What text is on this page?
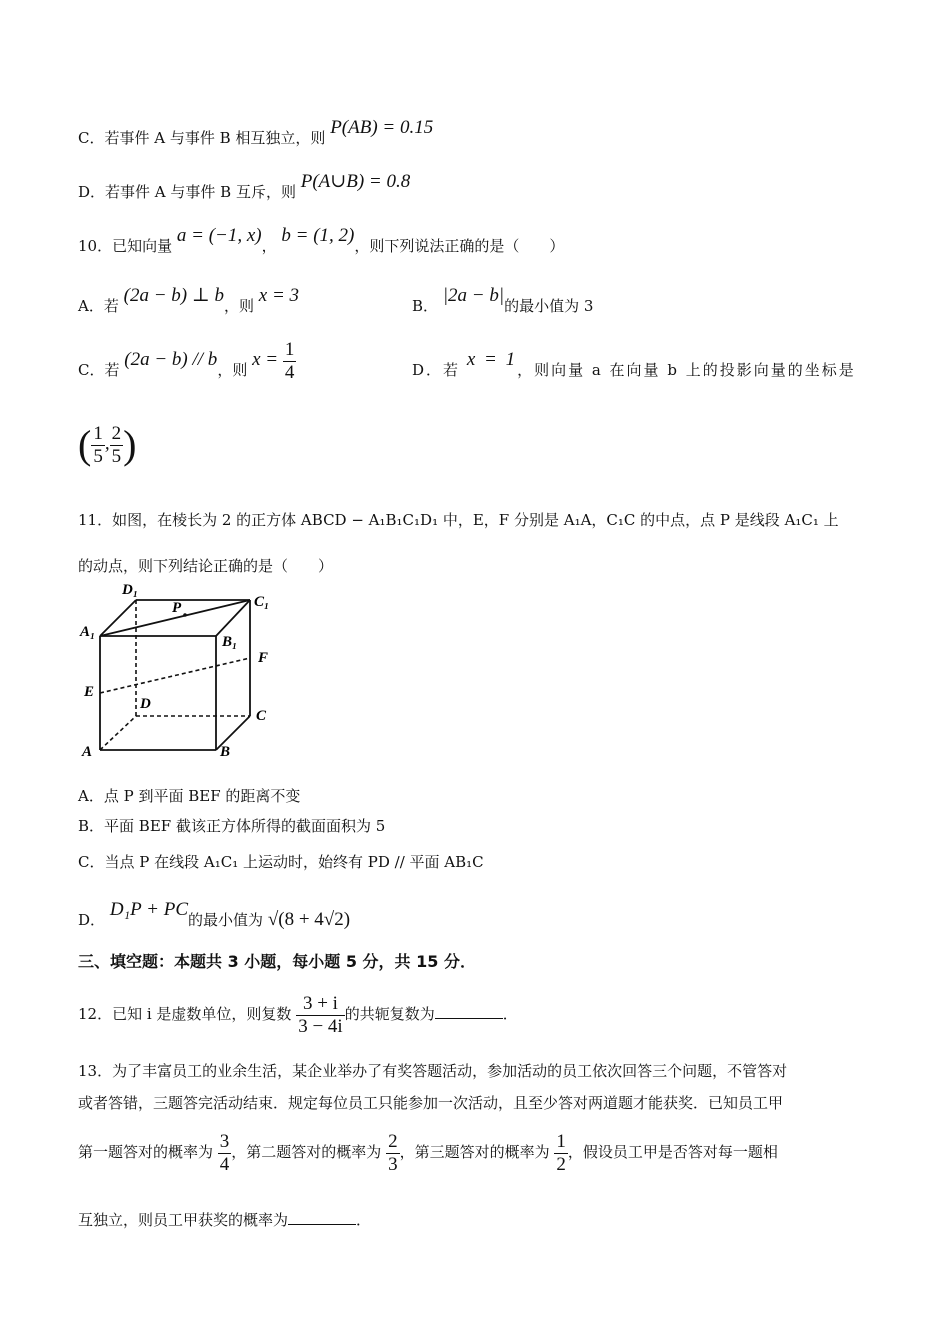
C．若事件 A 与事件 B 相互独立，则 P(AB) = 0.15
D．若事件 A 与事件 B 互斥，则 P(A∪B) = 0.8
10．已知向量 a = (−1, x)， b = (1, 2)，则下列说法正确的是（　　）
A．若 (2a − b) ⊥ b，则 x = 3	B． |2a − b|的最小值为 3
C．若 (2a − b) // b，则 $x = \frac{1}{4}$	D．若 x = 1，则向量 a 在向量 b 上的投影向量的坐标是
( $\frac{1}{5}$ , $\frac{2}{5}$ )
11．如图，在棱长为 2 的正方体 ABCD − A₁B₁C₁D₁ 中，E，F 分别是 A₁A，C₁C 的中点，点 P 是线段 A₁C₁ 上
的动点，则下列结论正确的是（　　）
D₁
P	C₁
A₁
B₁
F
E
D
C
A	B
A．点 P 到平面 BEF 的距离不变
B．平面 BEF 截该正方体所得的截面面积为 5
C．当点 P 在线段 A₁C₁ 上运动时，始终有 PD // 平面 AB₁C
D． D₁P + PC的最小值为 √(8 + 4√2)
三、填空题：本题共 3 小题，每小题 5 分，共 15 分．
12．已知 i 是虚数单位，则复数 $\frac{3 + i}{3 - 4i}$ 的共轭复数为	．
13．为了丰富员工的业余生活，某企业举办了有奖答题活动，参加活动的员工依次回答三个问题，不管答对
或者答错，三题答完活动结束．规定每位员工只能参加一次活动，且至少答对两道题才能获奖．已知员工甲
第一题答对的概率为 $\frac{3}{4}$ ，第二题答对的概率为 $\frac{2}{3}$ ，第三题答对的概率为 $\frac{1}{2}$ ，假设员工甲是否答对每一题相
互独立，则员工甲获奖的概率为	．
